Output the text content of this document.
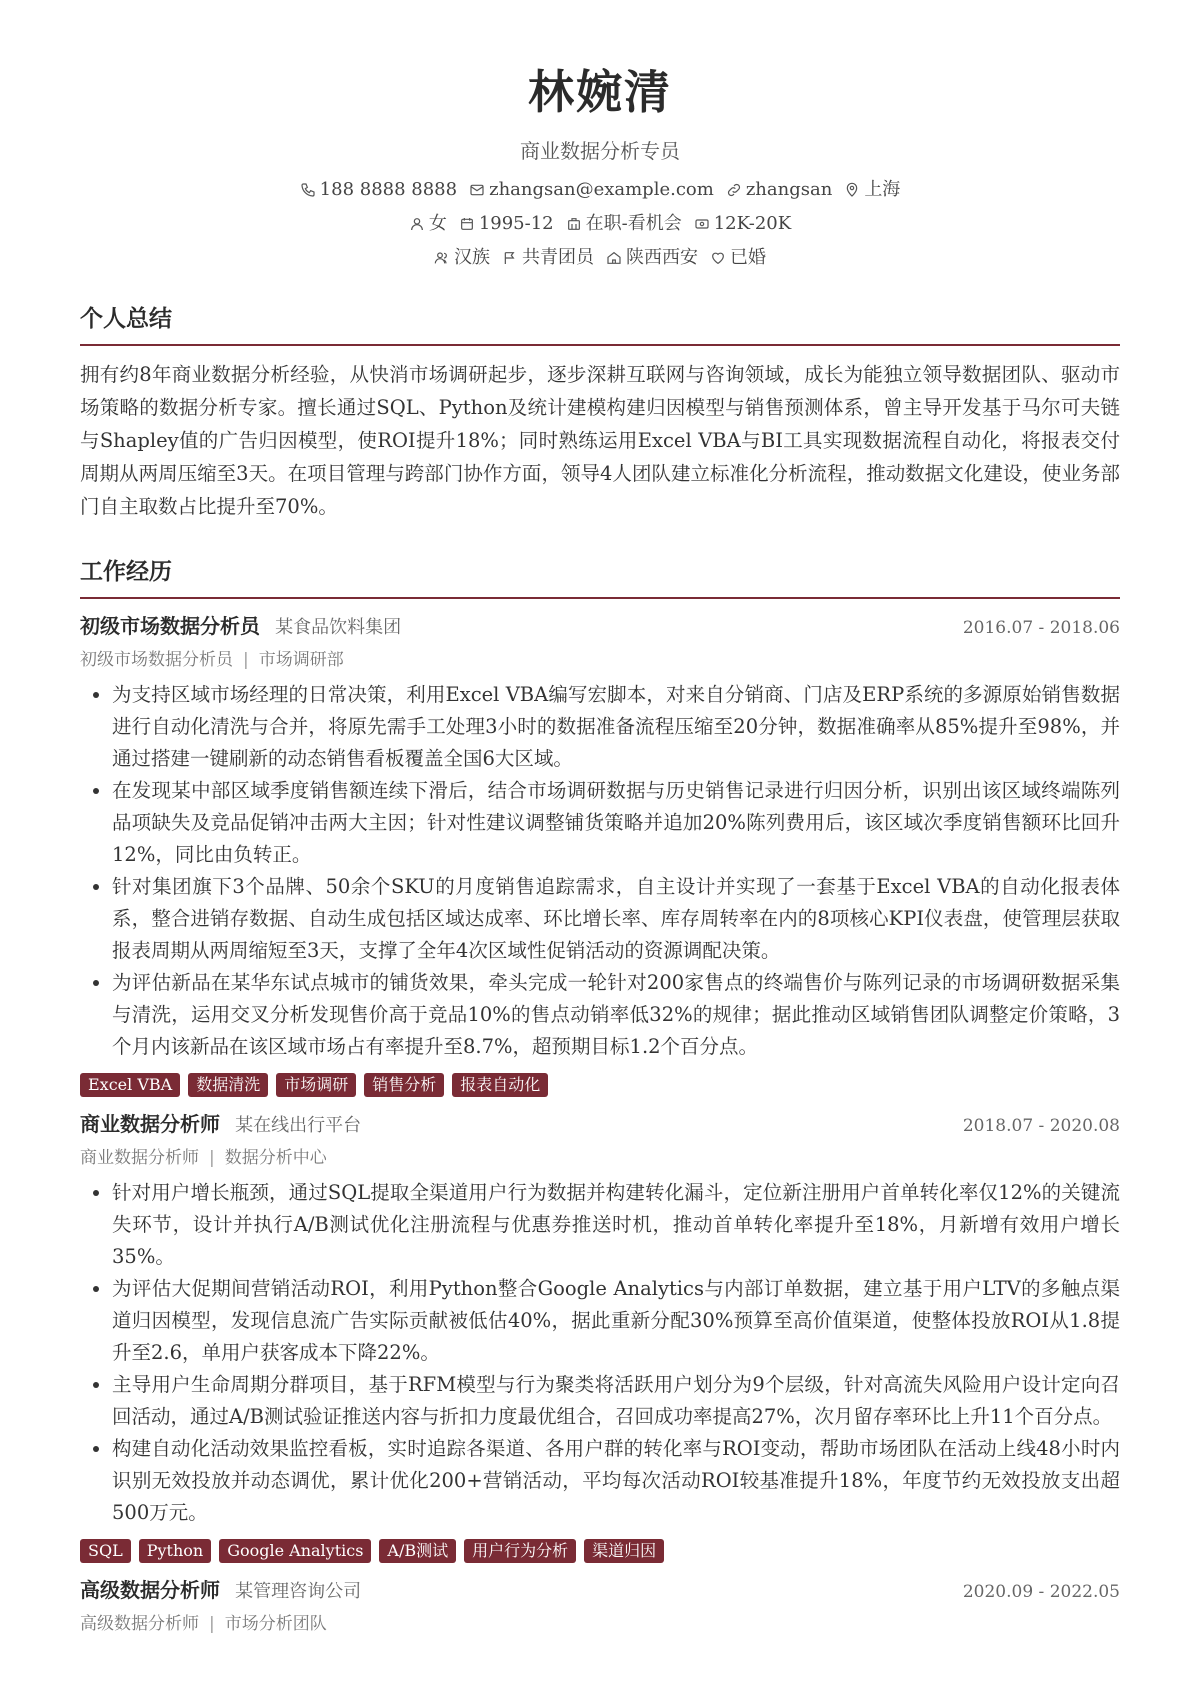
林婉清
商业数据分析专员
188 8888 8888 zhangsan@example.com zhangsan 上海
女 1995-12 在职-看机会 12K-20K
汉族 共青团员 陕西西安 已婚
个人总结
拥有约8年商业数据分析经验，从快消市场调研起步，逐步深耕互联网与咨询领域，成长为能独立领导数据团队、驱动市场策略的数据分析专家。擅长通过SQL、Python及统计建模构建归因模型与销售预测体系，曾主导开发基于马尔可夫链与Shapley值的广告归因模型，使ROI提升18%；同时熟练运用Excel VBA与BI工具实现数据流程自动化，将报表交付周期从两周压缩至3天。在项目管理与跨部门协作方面，领导4人团队建立标准化分析流程，推动数据文化建设，使业务部门自主取数占比提升至70%。
工作经历
初级市场数据分析员 某食品饮料集团	2016.07 - 2018.06
初级市场数据分析员 | 市场调研部
• 为支持区域市场经理的日常决策，利用Excel VBA编写宏脚本，对来自分销商、门店及ERP系统的多源原始销售数据进行自动化清洗与合并，将原先需手工处理3小时的数据准备流程压缩至20分钟，数据准确率从85%提升至98%，并通过搭建一键刷新的动态销售看板覆盖全国6大区域。
• 在发现某中部区域季度销售额连续下滑后，结合市场调研数据与历史销售记录进行归因分析，识别出该区域终端陈列品项缺失及竞品促销冲击两大主因；针对性建议调整铺货策略并追加20%陈列费用后，该区域次季度销售额环比回升12%，同比由负转正。
• 针对集团旗下3个品牌、50余个SKU的月度销售追踪需求，自主设计并实现了一套基于Excel VBA的自动化报表体系，整合进销存数据、自动生成包括区域达成率、环比增长率、库存周转率在内的8项核心KPI仪表盘，使管理层获取报表周期从两周缩短至3天，支撑了全年4次区域性促销活动的资源调配决策。
• 为评估新品在某华东试点城市的铺货效果，牵头完成一轮针对200家售点的终端售价与陈列记录的市场调研数据采集与清洗，运用交叉分析发现售价高于竞品10%的售点动销率低32%的规律；据此推动区域销售团队调整定价策略，3个月内该新品在该区域市场占有率提升至8.7%，超预期目标1.2个百分点。
Excel VBA	数据清洗	市场调研	销售分析	报表自动化
商业数据分析师 某在线出行平台	2018.07 - 2020.08
商业数据分析师 | 数据分析中心
• 针对用户增长瓶颈，通过SQL提取全渠道用户行为数据并构建转化漏斗，定位新注册用户首单转化率仅12%的关键流失环节，设计并执行A/B测试优化注册流程与优惠券推送时机，推动首单转化率提升至18%，月新增有效用户增长35%。
• 为评估大促期间营销活动ROI，利用Python整合Google Analytics与内部订单数据，建立基于用户LTV的多触点渠道归因模型，发现信息流广告实际贡献被低估40%，据此重新分配30%预算至高价值渠道，使整体投放ROI从1.8提升至2.6，单用户获客成本下降22%。
• 主导用户生命周期分群项目，基于RFM模型与行为聚类将活跃用户划分为9个层级，针对高流失风险用户设计定向召回活动，通过A/B测试验证推送内容与折扣力度最优组合，召回成功率提高27%，次月留存率环比上升11个百分点。
• 构建自动化活动效果监控看板，实时追踪各渠道、各用户群的转化率与ROI变动，帮助市场团队在活动上线48小时内识别无效投放并动态调优，累计优化200+营销活动，平均每次活动ROI较基准提升18%，年度节约无效投放支出超500万元。
SQL	Python	Google Analytics	A/B测试	用户行为分析	渠道归因
高级数据分析师 某管理咨询公司	2020.09 - 2022.05
高级数据分析师 | 市场分析团队
